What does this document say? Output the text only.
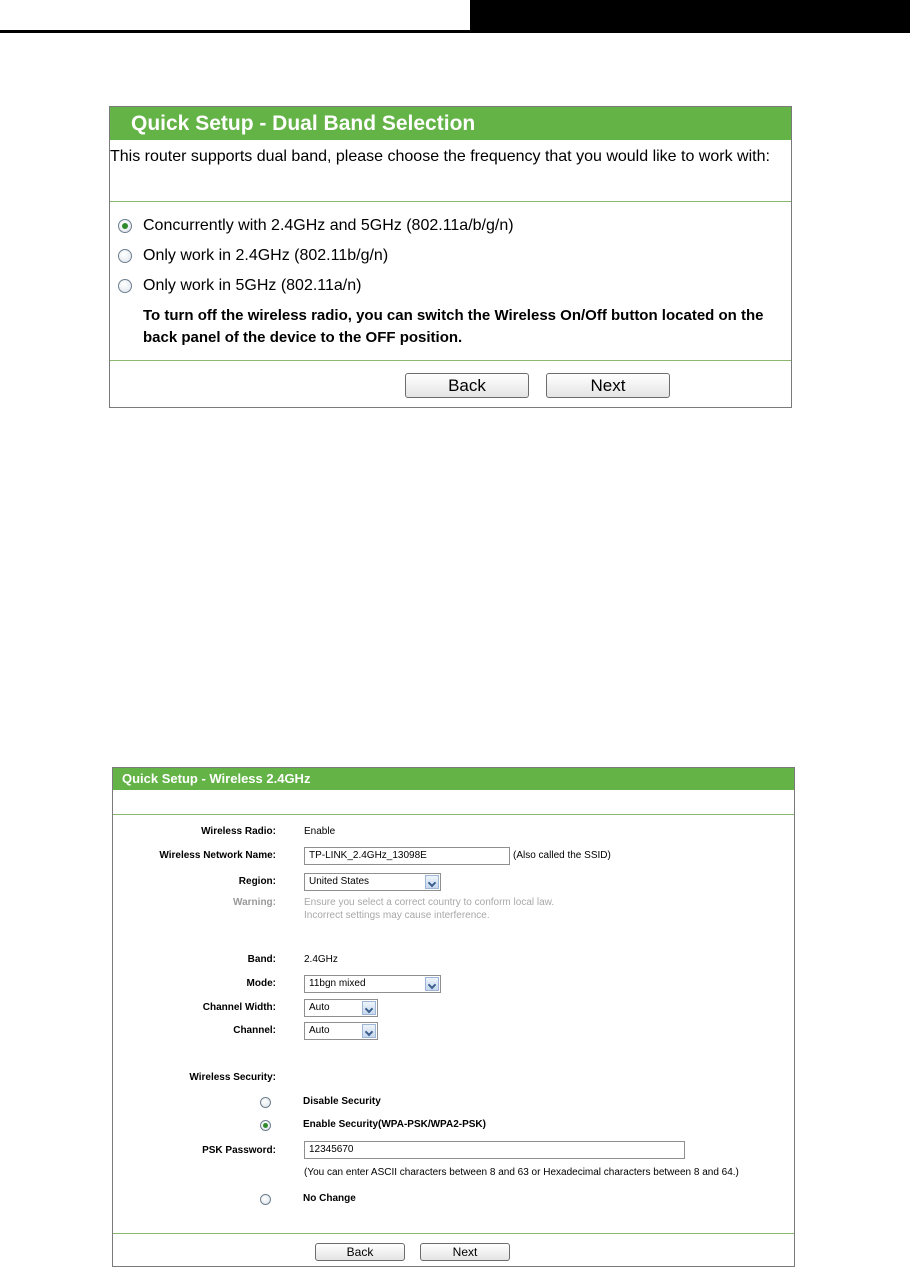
Quick Setup - Dual Band Selection
This router supports dual band, please choose the frequency that you would like to work with:
Concurrently with 2.4GHz and 5GHz (802.11a/b/g/n)
Only work in 2.4GHz (802.11b/g/n)
Only work in 5GHz (802.11a/n)
To turn off the wireless radio, you can switch the Wireless On/Off button located on the back panel of the device to the OFF position.
Back	Next
Quick Setup - Wireless 2.4GHz
Wireless Radio:	Enable
Wireless Network Name:	TP-LINK_2.4GHz_13098E	(Also called the SSID)
Region:	United States
Warning:	Ensure you select a correct country to conform local law.
Incorrect settings may cause interference.
Band:	2.4GHz
Mode:	11bgn mixed
Channel Width:	Auto
Channel:	Auto
Wireless Security:
Disable Security
Enable Security(WPA-PSK/WPA2-PSK)
PSK Password:	12345670
(You can enter ASCII characters between 8 and 63 or Hexadecimal characters between 8 and 64.)
No Change
Back	Next
